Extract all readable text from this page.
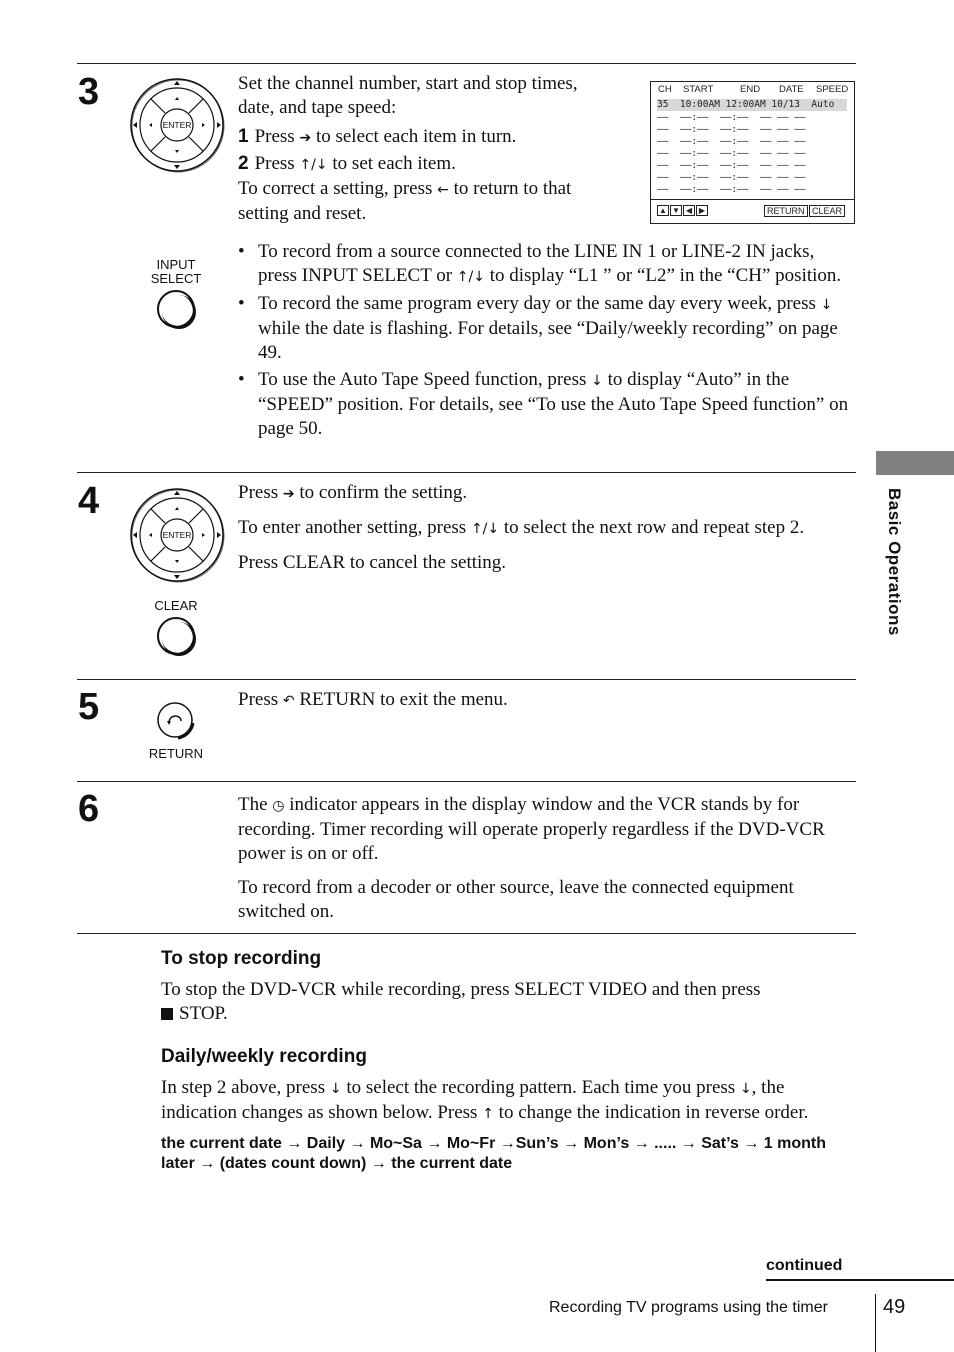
3
4
5
6
ENTER

Set the channel number, start and stop times, date, and tape speed:

1 Press ➔ to select each item in turn.

2 Press ↑/↓ to set each item.

To correct a setting, press ← to return to that setting and reset.

CH START	END DATE SPEED
35  10:00AM 12:00AM 10/13  Auto
––  ––:––  ––:––  –– –– ––
––  ––:––  ––:––  –– –– ––
––  ––:––  ––:––  –– –– ––
––  ––:––  ––:––  –– –– ––
––  ––:––  ––:––  –– –– ––
––  ––:––  ––:––  –– –– ––
––  ––:––  ––:––  –– –– ––
▲ ▼ ◀ ▶	RETURN CLEAR
INPUT
SELECT
• To record from a source connected to the LINE IN 1 or LINE-2 IN jacks, press INPUT SELECT or ↑/↓ to display “L1 ” or “L2” in the “CH” position.
• To record the same program every day or the same day every week, press ↓ while the date is flashing. For details, see “Daily/weekly recording” on page 49.
• To use the Auto Tape Speed function, press ↓ to display “Auto” in the “SPEED” position. For details, see “To use the Auto Tape Speed function” on page 50.
ENTER
CLEAR

Press ➔ to confirm the setting.

To enter another setting, press ↑/↓ to select the next row and repeat step 2.

Press CLEAR to cancel the setting.

RETURN

Press ↶ RETURN to exit the menu.

The ◷ indicator appears in the display window and the VCR stands by for recording. Timer recording will operate properly regardless if the DVD-VCR power is on or off.

To record from a decoder or other source, leave the connected equipment switched on.

To stop recording

To stop the DVD-VCR while recording, press SELECT VIDEO and then press
STOP.

Daily/weekly recording

In step 2 above, press ↓ to select the recording pattern. Each time you press ↓, the indication changes as shown below. Press ↑ to change the indication in reverse order.

the current date → Daily → Mo~Sa → Mo~Fr →Sun’s → Mon’s → ..... → Sat’s → 1 month later → (dates count down) → the current date
Basic Operations
continued
Recording TV programs using the timer	49
